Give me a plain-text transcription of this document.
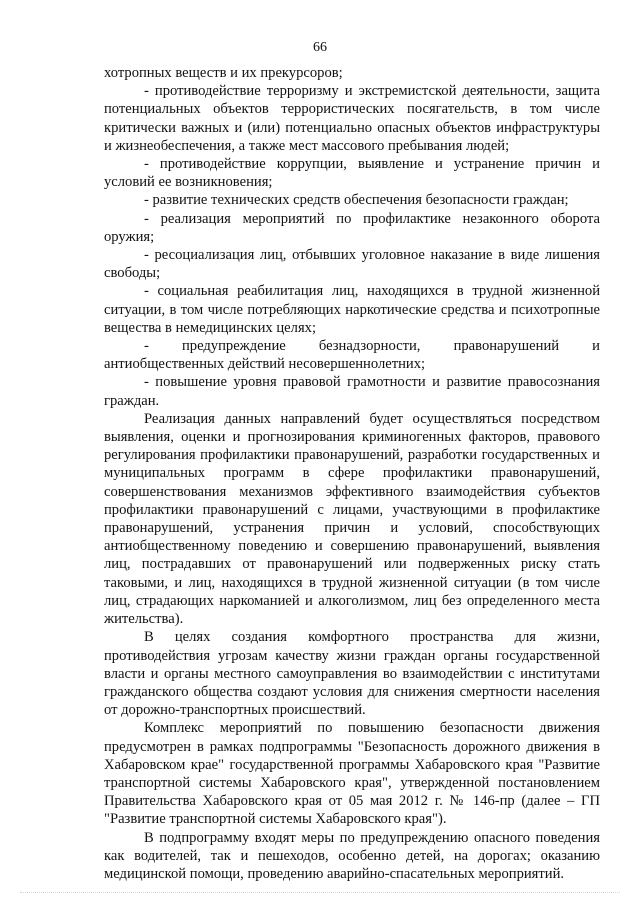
66

хотропных веществ и их прекурсоров;

- противодействие терроризму и экстремистской деятельности, защита потенциальных объектов террористических посягательств, в том числе критически важных и (или) потенциально опасных объектов инфраструктуры и жизнеобеспечения, а также мест массового пребывания людей;

- противодействие коррупции, выявление и устранение причин и условий ее возникновения;

- развитие технических средств обеспечения безопасности граждан;

- реализация мероприятий по профилактике незаконного оборота оружия;

- ресоциализация лиц, отбывших уголовное наказание в виде лишения свободы;

- социальная реабилитация лиц, находящихся в трудной жизненной ситуации, в том числе потребляющих наркотические средства и психотропные вещества в немедицинских целях;

- предупреждение безнадзорности, правонарушений и антиобщественных действий несовершеннолетних;

- повышение уровня правовой грамотности и развитие правосознания граждан.

Реализация данных направлений будет осуществляться посредством выявления, оценки и прогнозирования криминогенных факторов, правового регулирования профилактики правонарушений, разработки государственных и муниципальных программ в сфере профилактики правонарушений, совершенствования механизмов эффективного взаимодействия субъектов профилактики правонарушений с лицами, участвующими в профилактике правонарушений, устранения причин и условий, способствующих антиобщественному поведению и совершению правонарушений, выявления лиц, пострадавших от правонарушений или подверженных риску стать таковыми, и лиц, находящихся в трудной жизненной ситуации (в том числе лиц, страдающих наркоманией и алкоголизмом, лиц без определенного места жительства).

В целях создания комфортного пространства для жизни, противодействия угрозам качеству жизни граждан органы государственной власти и органы местного самоуправления во взаимодействии с институтами гражданского общества создают условия для снижения смертности населения от дорожно-транспортных происшествий.

Комплекс мероприятий по повышению безопасности движения предусмотрен в рамках подпрограммы "Безопасность дорожного движения в Хабаровском крае" государственной программы Хабаровского края "Развитие транспортной системы Хабаровского края", утвержденной постановлением Правительства Хабаровского края от 05 мая 2012 г. № 146-пр (далее – ГП "Развитие транспортной системы Хабаровского края").

В подпрограмму входят меры по предупреждению опасного поведения как водителей, так и пешеходов, особенно детей, на дорогах; оказанию медицинской помощи, проведению аварийно-спасательных мероприятий.
